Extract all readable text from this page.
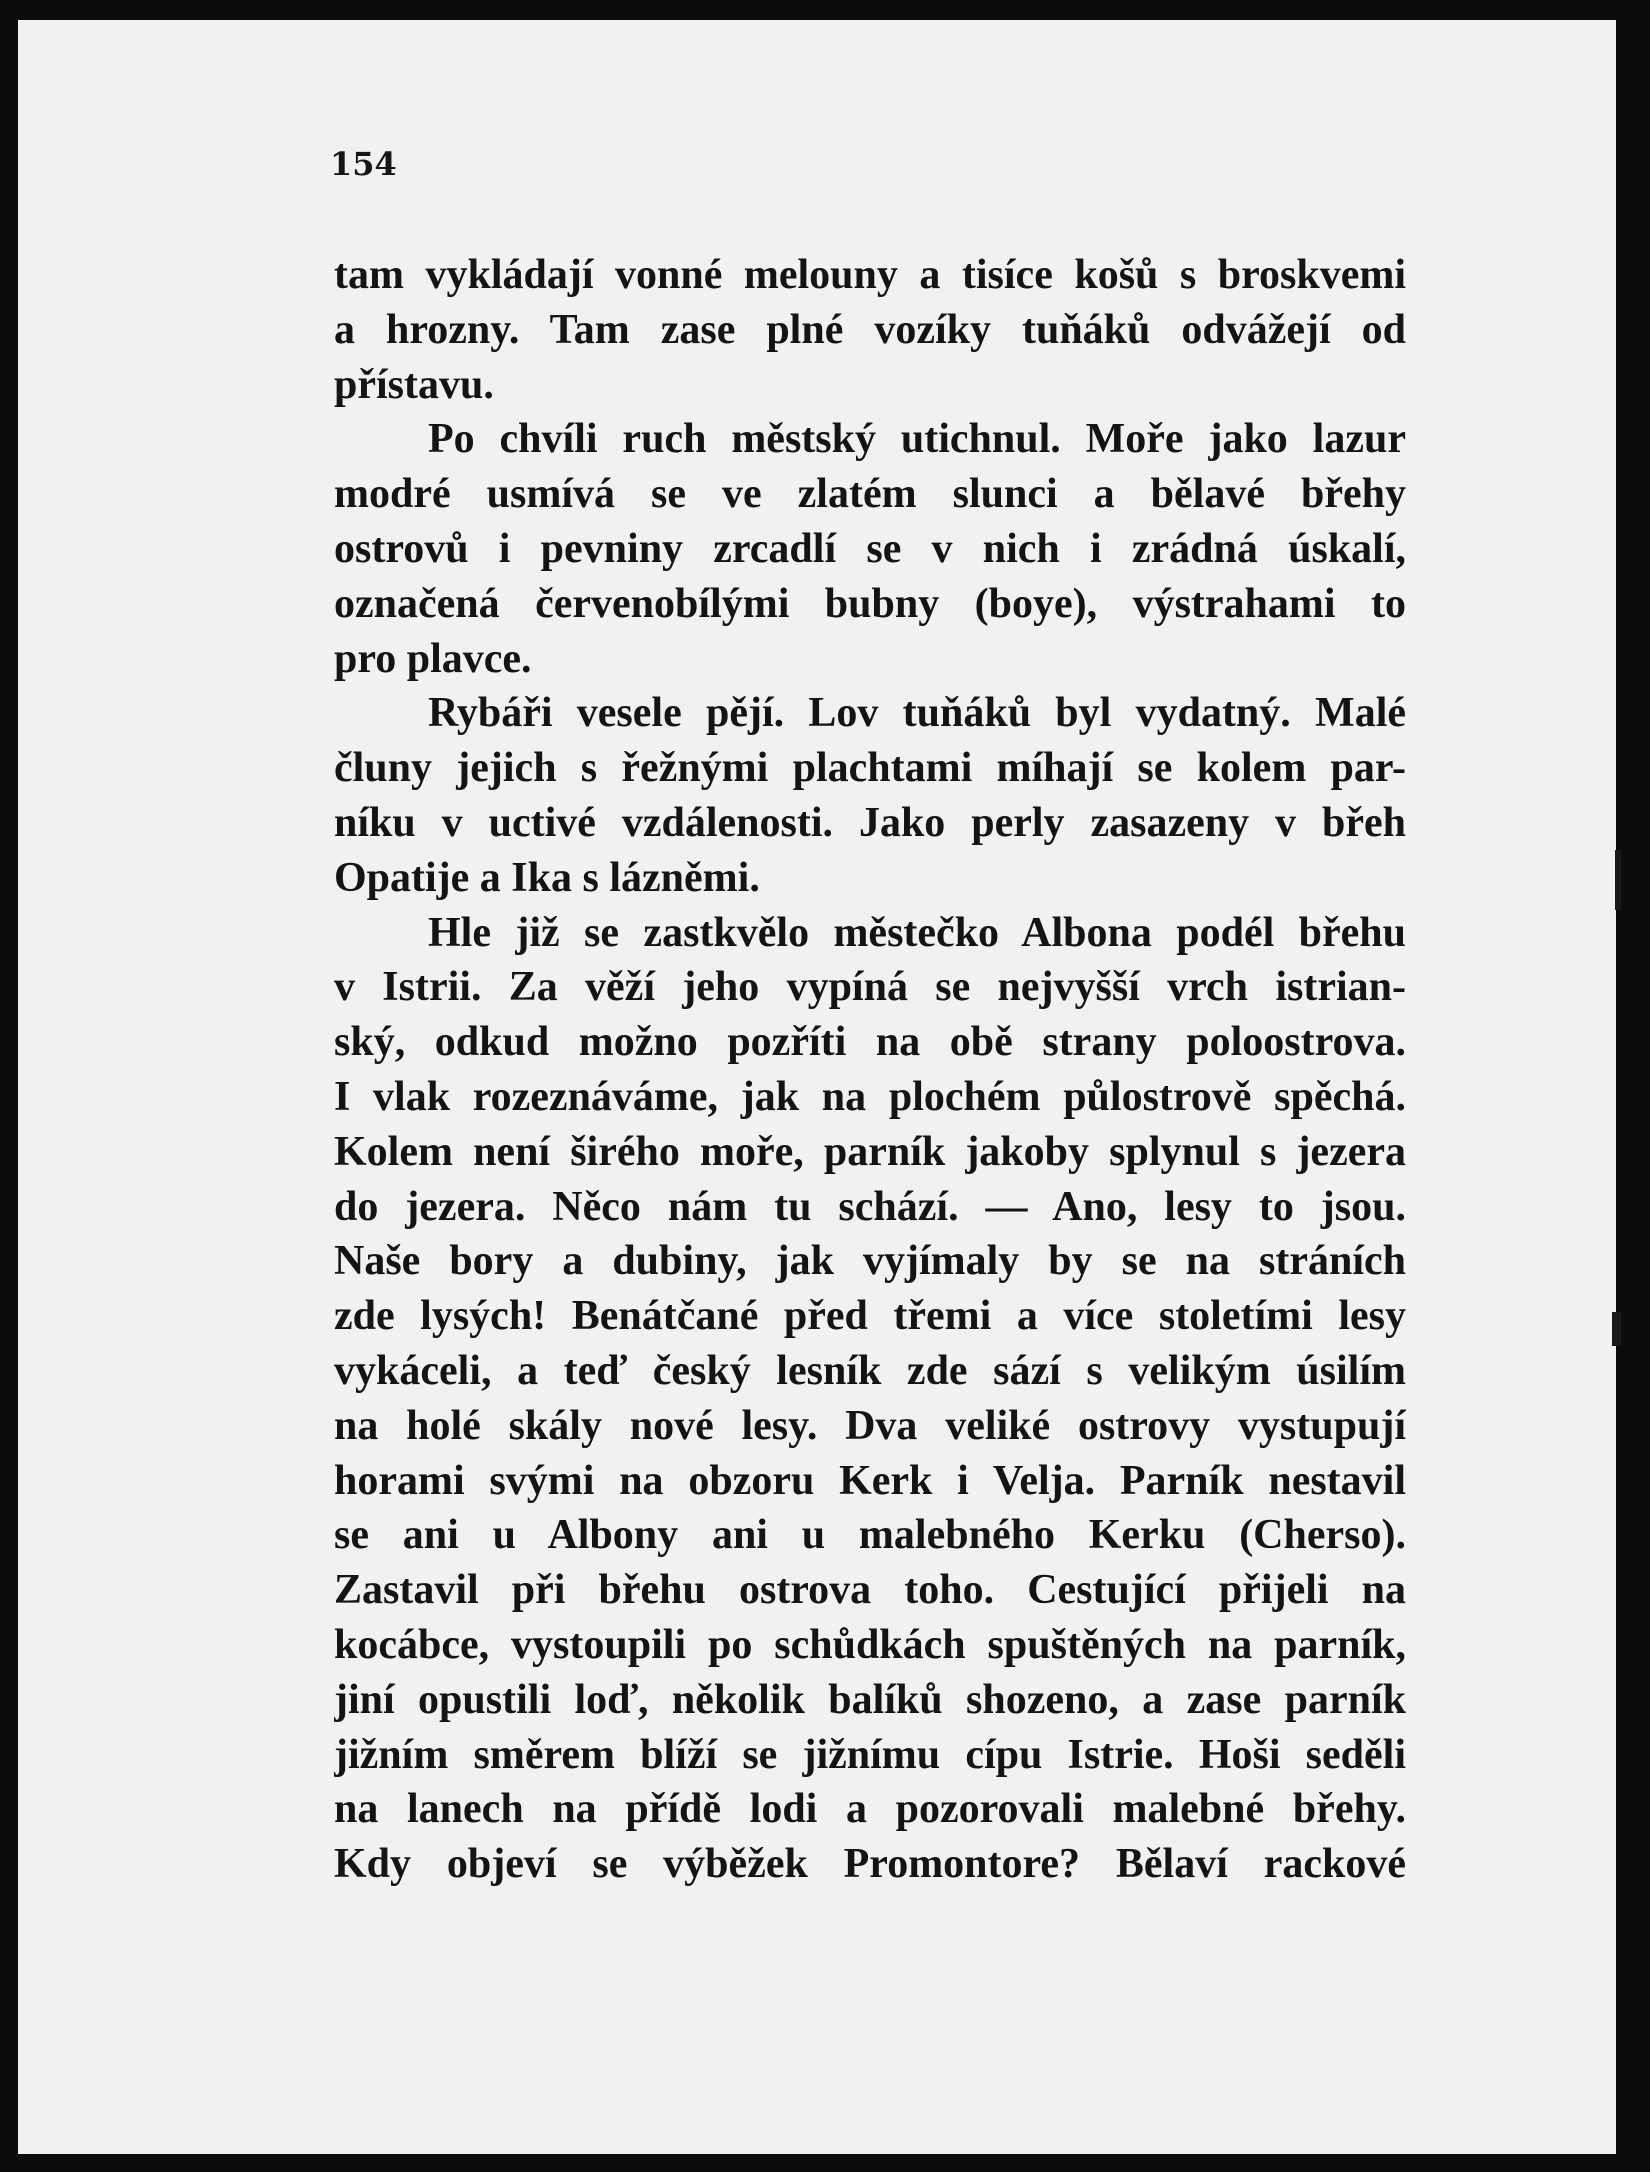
154

tam vykládají vonné melouny a tisíce košů s broskvemi
a hrozny. Tam zase plné vozíky tuňáků odvážejí od
přístavu.
Po chvíli ruch městský utichnul. Moře jako lazur
modré usmívá se ve zlatém slunci a bělavé břehy
ostrovů i pevniny zrcadlí se v nich i zrádná úskalí,
označená červenobílými bubny (boye), výstrahami to
pro plavce.
Rybáři vesele pějí. Lov tuňáků byl vydatný. Malé
čluny jejich s řežnými plachtami míhají se kolem par-
níku v uctivé vzdálenosti. Jako perly zasazeny v břeh
Opatije a Ika s lázněmi.
Hle již se zastkvělo městečko Albona podél břehu
v Istrii. Za věží jeho vypíná se nejvyšší vrch istrian-
ský, odkud možno pozříti na obě strany poloostrova.
I vlak rozeznáváme, jak na plochém půlostrově spěchá.
Kolem není širého moře, parník jakoby splynul s jezera
do jezera. Něco nám tu schází. — Ano, lesy to jsou.
Naše bory a dubiny, jak vyjímaly by se na stráních
zde lysých! Benátčané před třemi a více stoletími lesy
vykáceli, a teď český lesník zde sází s velikým úsilím
na holé skály nové lesy. Dva veliké ostrovy vystupují
horami svými na obzoru Kerk i Velja. Parník nestavil
se ani u Albony ani u malebného Kerku (Cherso).
Zastavil při břehu ostrova toho. Cestující přijeli na
kocábce, vystoupili po schůdkách spuštěných na parník,
jiní opustili loď, několik balíků shozeno, a zase parník
jižním směrem blíží se jižnímu cípu Istrie. Hoši seděli
na lanech na přídě lodi a pozorovali malebné břehy.
Kdy objeví se výběžek Promontore? Bělaví rackové
